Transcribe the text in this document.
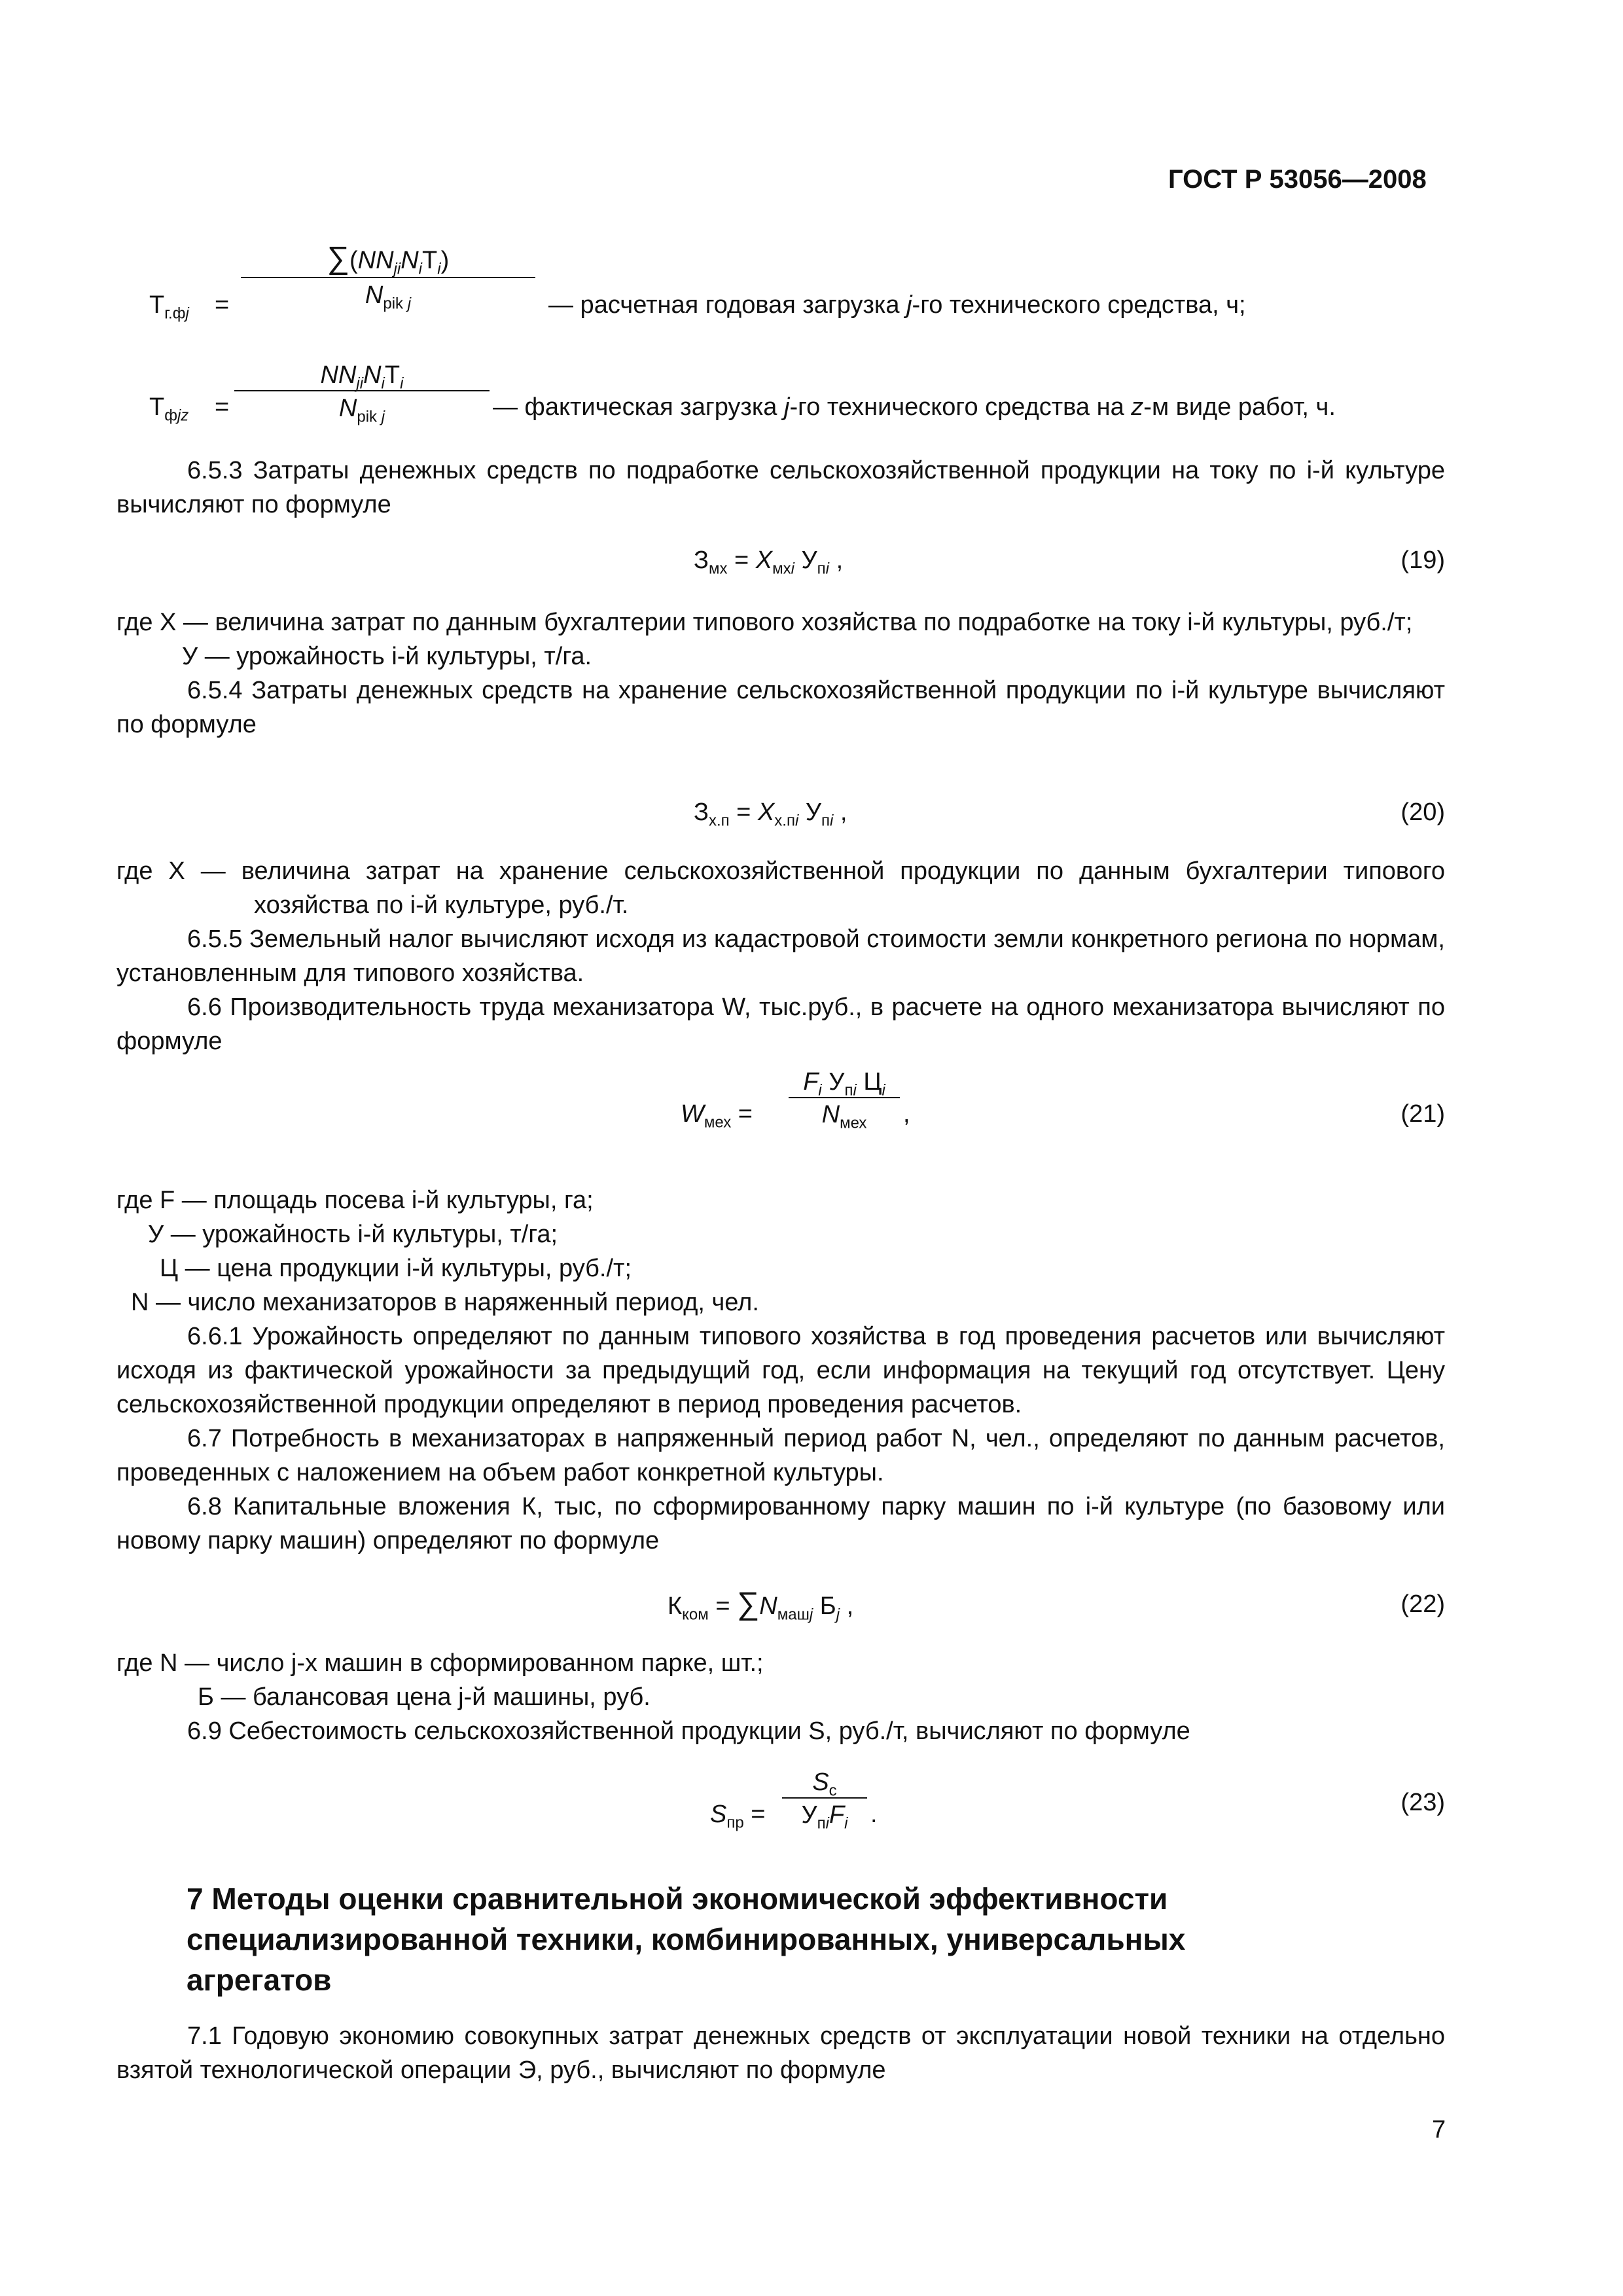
ГОСТ Р 53056—2008
$Т_{г.фj}$ =
$\sum(NN_{ji}N_iТ_i)$
$N_{pik j}$	— расчетная годовая загрузка j-го технического средства, ч;
$Т_{фjz}$ =
$NN_{ji}N_iТ_i$
$N_{pik j}$	— фактическая загрузка j-го технического средства на z-м виде работ, ч.

6.5.3 Затраты денежных средств по подработке сельскохозяйственной продукции на току по i-й культуре вычисляют по формуле

$З_{мх} = X_{мхi}$ $У_{пi}$ ,	(19)

где X — величина затрат по данным бухгалтерии типового хозяйства по подработке на току i-й культуры, руб./т;

У — урожайность i-й культуры, т/га.

6.5.4 Затраты денежных средств на хранение сельскохозяйственной продукции по i-й культуре вычисляют по формуле

$З_{х.п} = X_{х.пi}$ $У_{пi}$ ,	(20)

где X — величина затрат на хранение сельскохозяйственной продукции по данным бухгалтерии типового хозяйства по i-й культуре, руб./т.

6.5.5 Земельный налог вычисляют исходя из кадастровой стоимости земли конкретного региона по нормам, установленным для типового хозяйства.

6.6 Производительность труда механизатора W, тыс.руб., в расчете на одного механизатора вычисляют по формуле

$W_{мех}$ =
$F_i$ $У_{пi}$ $Ц_i$
$N_{мех}$	,	(21)

где F — площадь посева i-й культуры, га;

У — урожайность i-й культуры, т/га;

Ц — цена продукции i-й культуры, руб./т;

N — число механизаторов в наряженный период, чел.

6.6.1 Урожайность определяют по данным типового хозяйства в год проведения расчетов или вычисляют исходя из фактической урожайности за предыдущий год, если информация на текущий год отсутствует. Цену сельскохозяйственной продукции определяют в период проведения расчетов.

6.7 Потребность в механизаторах в напряженный период работ N, чел., определяют по данным расчетов, проведенных с наложением на объем работ конкретной культуры.

6.8 Капитальные вложения К, тыс, по сформированному парку машин по i-й культуре (по базовому или новому парку машин) определяют по формуле

$К_{ком} = \sum N_{машj}$ $Б_j$ ,	(22)

где N — число j-х машин в сформированном парке, шт.;

Б — балансовая цена j-й машины, руб.

6.9 Себестоимость сельскохозяйственной продукции S, руб./т, вычисляют по формуле

$S_{пр}$ =
$S_с$
$У_{пi}F_i$ .	(23)
7 Методы оценки сравнительной экономической эффективности специализированной техники, комбинированных, универсальных агрегатов

7.1 Годовую экономию совокупных затрат денежных средств от эксплуатации новой техники на отдельно взятой технологической операции Э, руб., вычисляют по формуле

7
